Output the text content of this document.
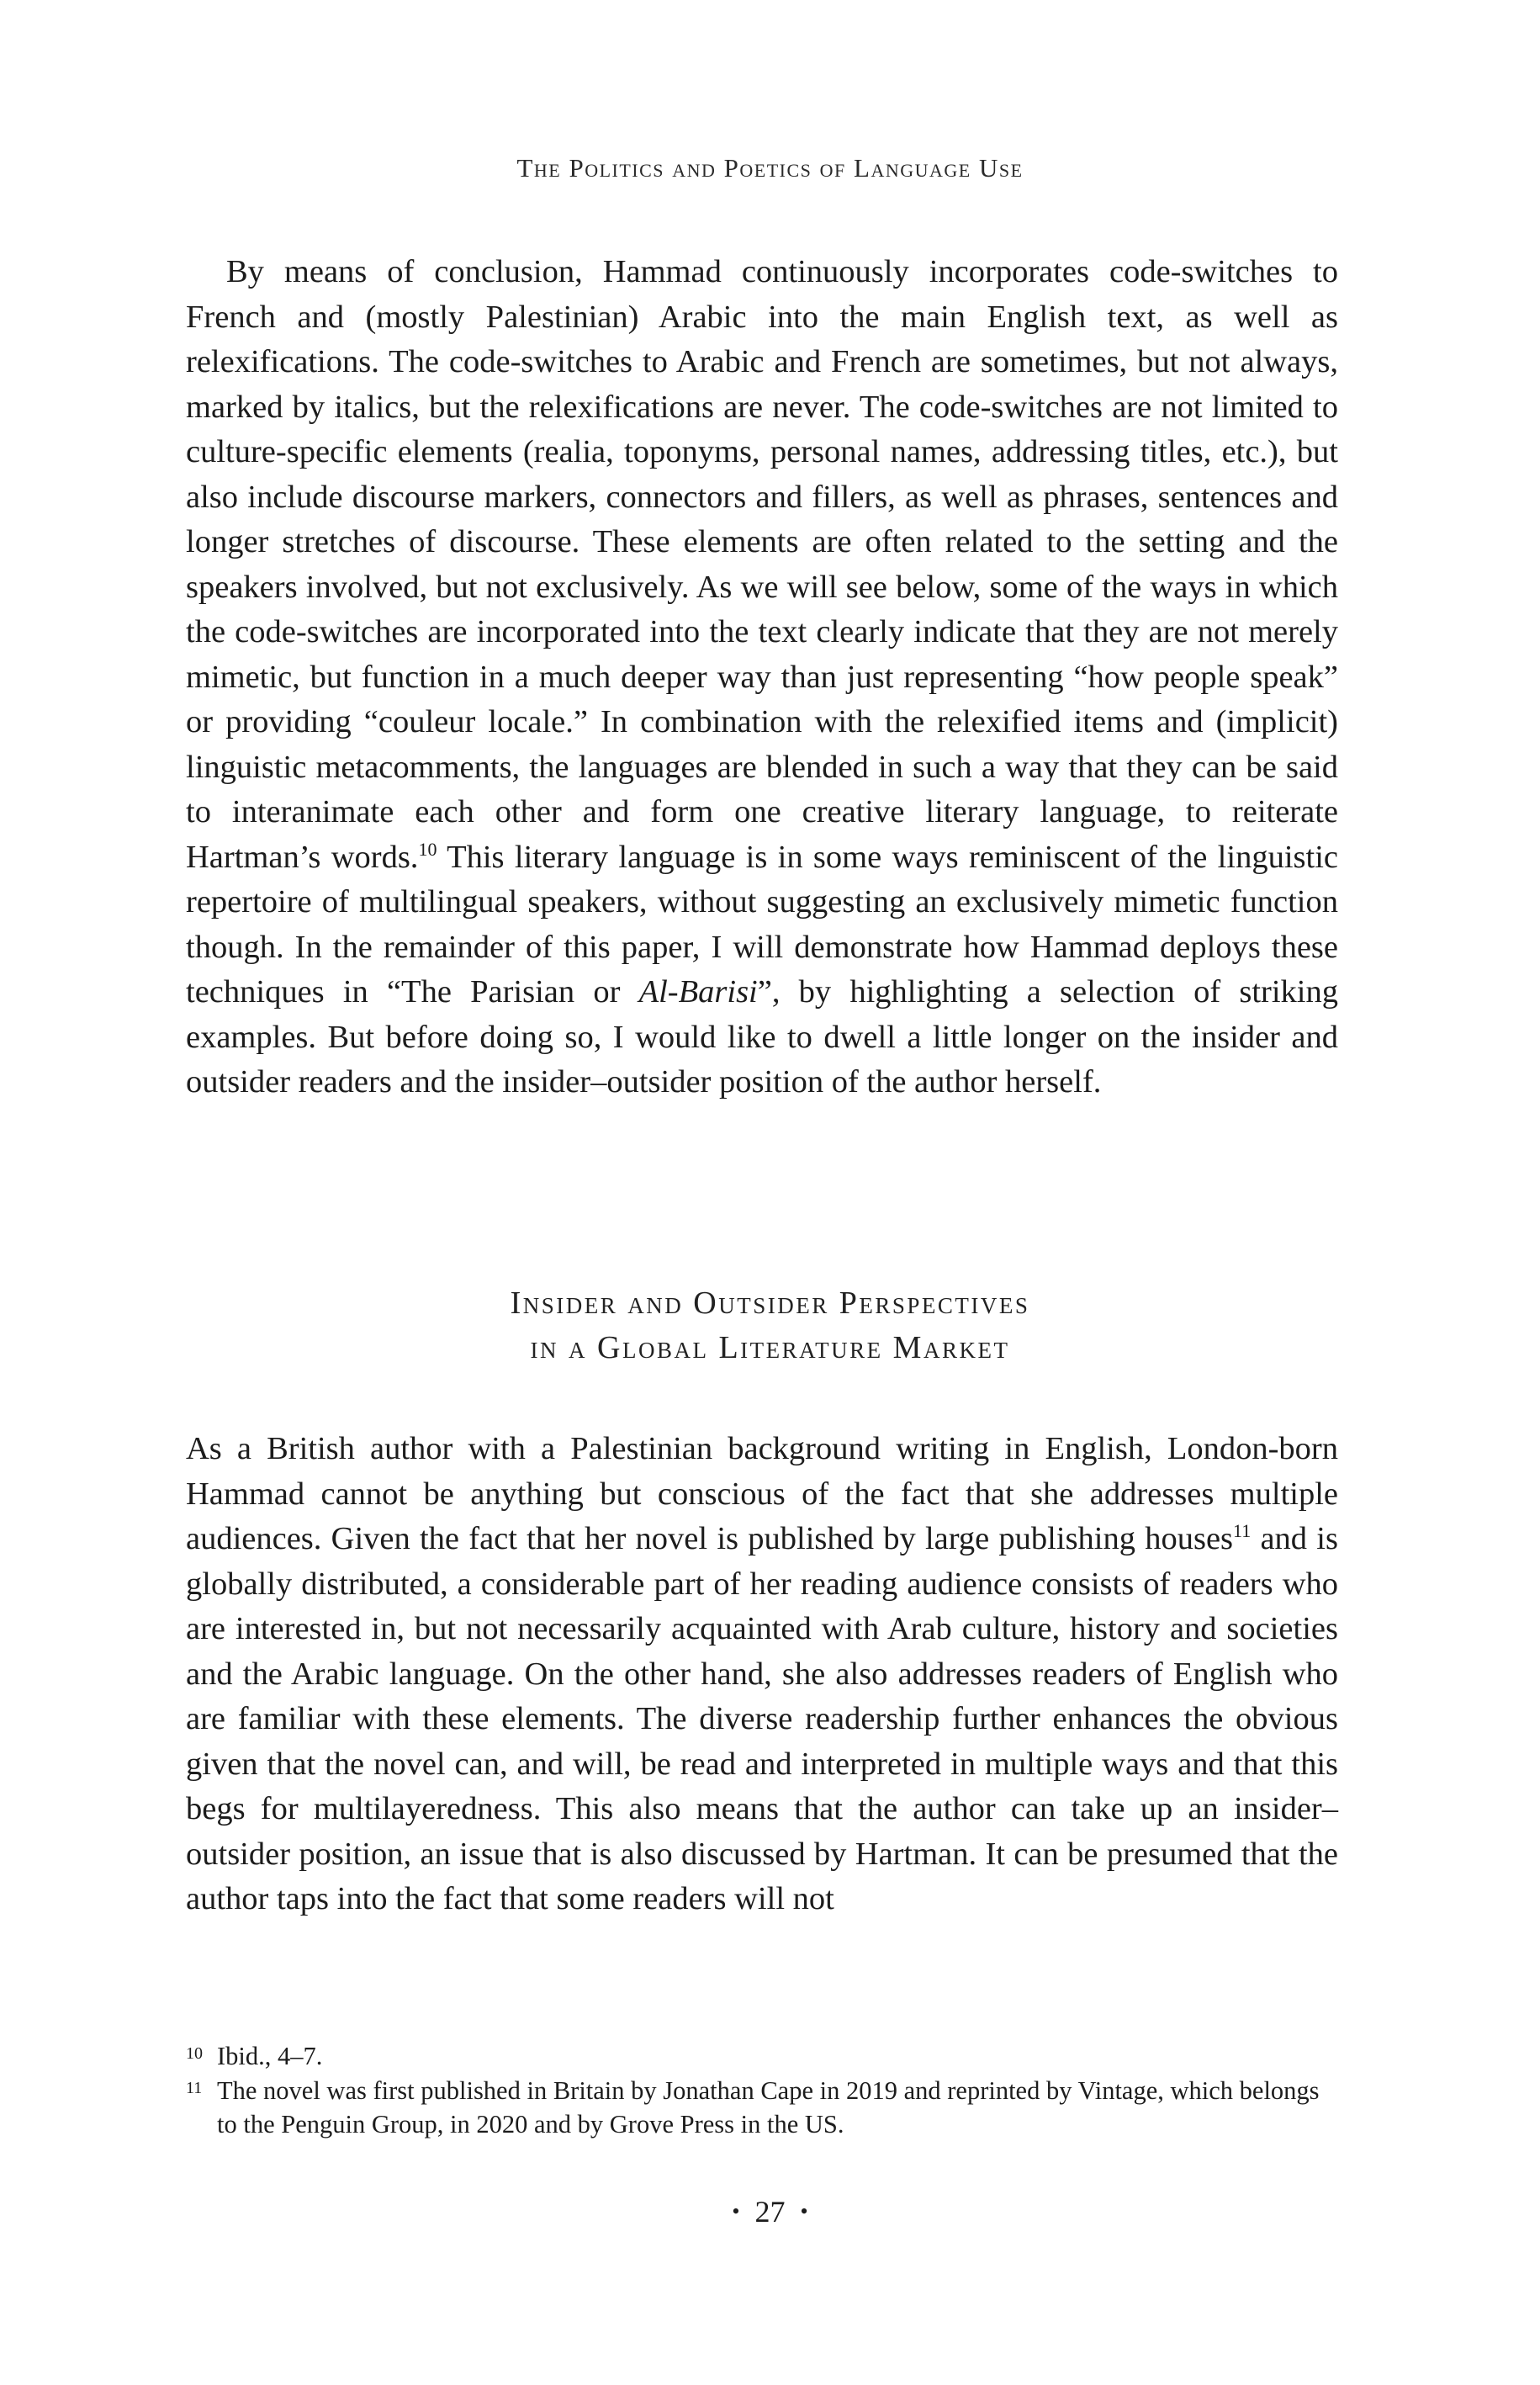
The Politics and Poetics of Language Use

By means of conclusion, Hammad continuously incorporates code-switches to French and (mostly Palestinian) Arabic into the main English text, as well as relexifications. The code-switches to Arabic and French are sometimes, but not always, marked by italics, but the relexifications are never. The code-switches are not limited to culture-specific elements (realia, toponyms, personal names, addressing titles, etc.), but also include discourse markers, connectors and fillers, as well as phrases, sentences and longer stretches of discourse. These elements are often related to the setting and the speakers involved, but not exclusively. As we will see below, some of the ways in which the code-switches are incorporated into the text clearly indicate that they are not merely mimetic, but function in a much deeper way than just representing “how people speak” or providing “couleur locale.” In combination with the relexified items and (implicit) linguistic metacomments, the languages are blended in such a way that they can be said to interanimate each other and form one creative literary language, to reiterate Hartman’s words.$^{10}$ This literary language is in some ways reminiscent of the linguistic repertoire of multilingual speakers, without suggesting an exclusively mimetic function though. In the remainder of this paper, I will demonstrate how Hammad deploys these techniques in “The Parisian or Al-Barisi”, by highlighting a selection of striking examples. But before doing so, I would like to dwell a little longer on the insider and outsider readers and the insider–outsider position of the author herself.

Insider and Outsider Perspectives
in a Global Literature Market

As a British author with a Palestinian background writing in English, London-born Hammad cannot be anything but conscious of the fact that she addresses multiple audiences. Given the fact that her novel is published by large publishing houses$^{11}$ and is globally distributed, a considerable part of her reading audience consists of readers who are interested in, but not necessarily acquainted with Arab culture, history and societies and the Arabic language. On the other hand, she also addresses readers of English who are familiar with these elements. The diverse readership further enhances the obvious given that the novel can, and will, be read and interpreted in multiple ways and that this begs for multilayeredness. This also means that the author can take up an insider–outsider position, an issue that is also discussed by Hartman. It can be presumed that the author taps into the fact that some readers will not

10 Ibid., 4–7.

11 The novel was first published in Britain by Jonathan Cape in 2019 and reprinted by Vintage, which belongs to the Penguin Group, in 2020 and by Grove Press in the US.

• 27 •
